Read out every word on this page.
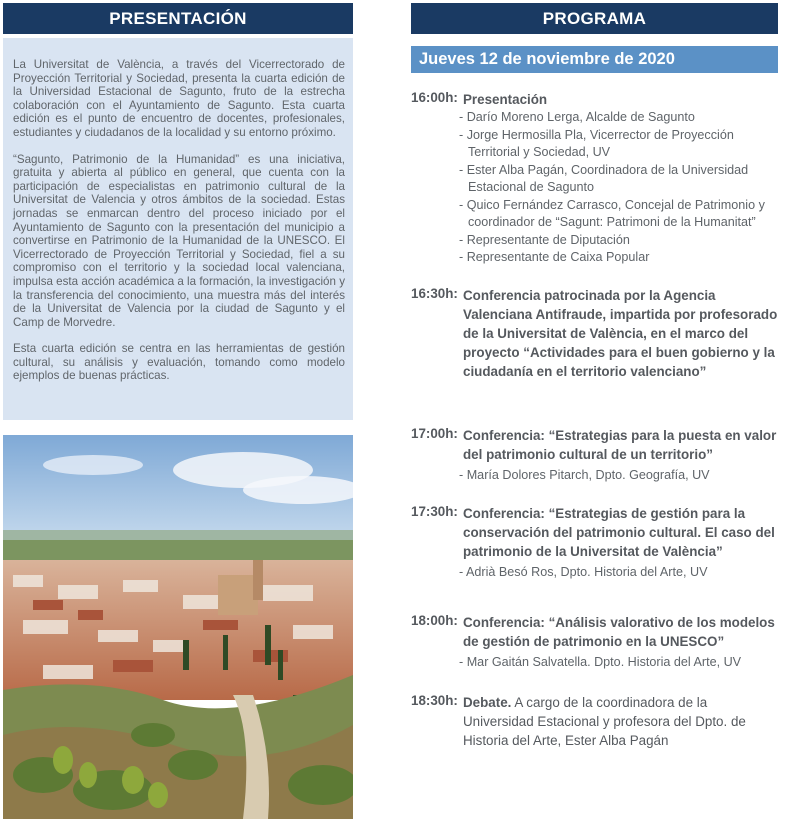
PRESENTACIÓN

La Universitat de València, a través del Vicerrectorado de Proyección Territorial y Sociedad, presenta la cuarta edición de la Universidad Estacional de Sagunto, fruto de la estrecha colaboración con el Ayuntamiento de Sagunto. Esta cuarta edición es el punto de encuentro de docentes, profesionales, estudiantes y ciudadanos de la localidad y su entorno próximo.

“Sagunto, Patrimonio de la Humanidad” es una iniciativa, gratuita y abierta al público en general, que cuenta con la participación de especialistas en patrimonio cultural de la Universitat de Valencia y otros ámbitos de la sociedad. Estas jornadas se enmarcan dentro del proceso iniciado por el Ayuntamiento de Sagunto con la presentación del municipio a convertirse en Patrimonio de la Humanidad de la UNESCO. El Vicerrectorado de Proyección Territorial y Sociedad, fiel a su compromiso con el territorio y la sociedad local valenciana, impulsa esta acción académica a la formación, la investigación y la transferencia del conocimiento, una muestra más del interés de la Universitat de Valencia por la ciudad de Sagunto y el Camp de Morvedre.

Esta cuarta edición se centra en las herramientas de gestión cultural, su análisis y evaluación, tomando como modelo ejemplos de buenas prácticas.

PROGRAMA
Jueves 12 de noviembre de 2020
16:00h: Presentación
- Darío Moreno Lerga, Alcalde de Sagunto
- Jorge Hermosilla Pla, Vicerrector de Proyección Territorial y Sociedad, UV
- Ester Alba Pagán, Coordinadora de la Universidad Estacional de Sagunto
- Quico Fernández Carrasco, Concejal de Patrimonio y coordinador de “Sagunt: Patrimoni de la Humanitat”
- Representante de Diputación
- Representante de Caixa Popular
16:30h: Conferencia patrocinada por la Agencia Valenciana Antifraude, impartida por profesorado de la Universitat de València, en el marco del proyecto “Actividades para el buen gobierno y la ciudadanía en el territorio valenciano”
17:00h: Conferencia: “Estrategias para la puesta en valor del patrimonio cultural de un territorio”
- María Dolores Pitarch, Dpto. Geografía, UV
17:30h: Conferencia: “Estrategias de gestión para la conservación del patrimonio cultural. El caso del patrimonio de la Universitat de València”
- Adrià Besó Ros, Dpto. Historia del Arte, UV
18:00h: Conferencia: “Análisis valorativo de los modelos de gestión de patrimonio en la UNESCO”
- Mar Gaitán Salvatella. Dpto. Historia del Arte, UV
18:30h: Debate. A cargo de la coordinadora de la Universidad Estacional y profesora del Dpto. de Historia del Arte, Ester Alba Pagán
